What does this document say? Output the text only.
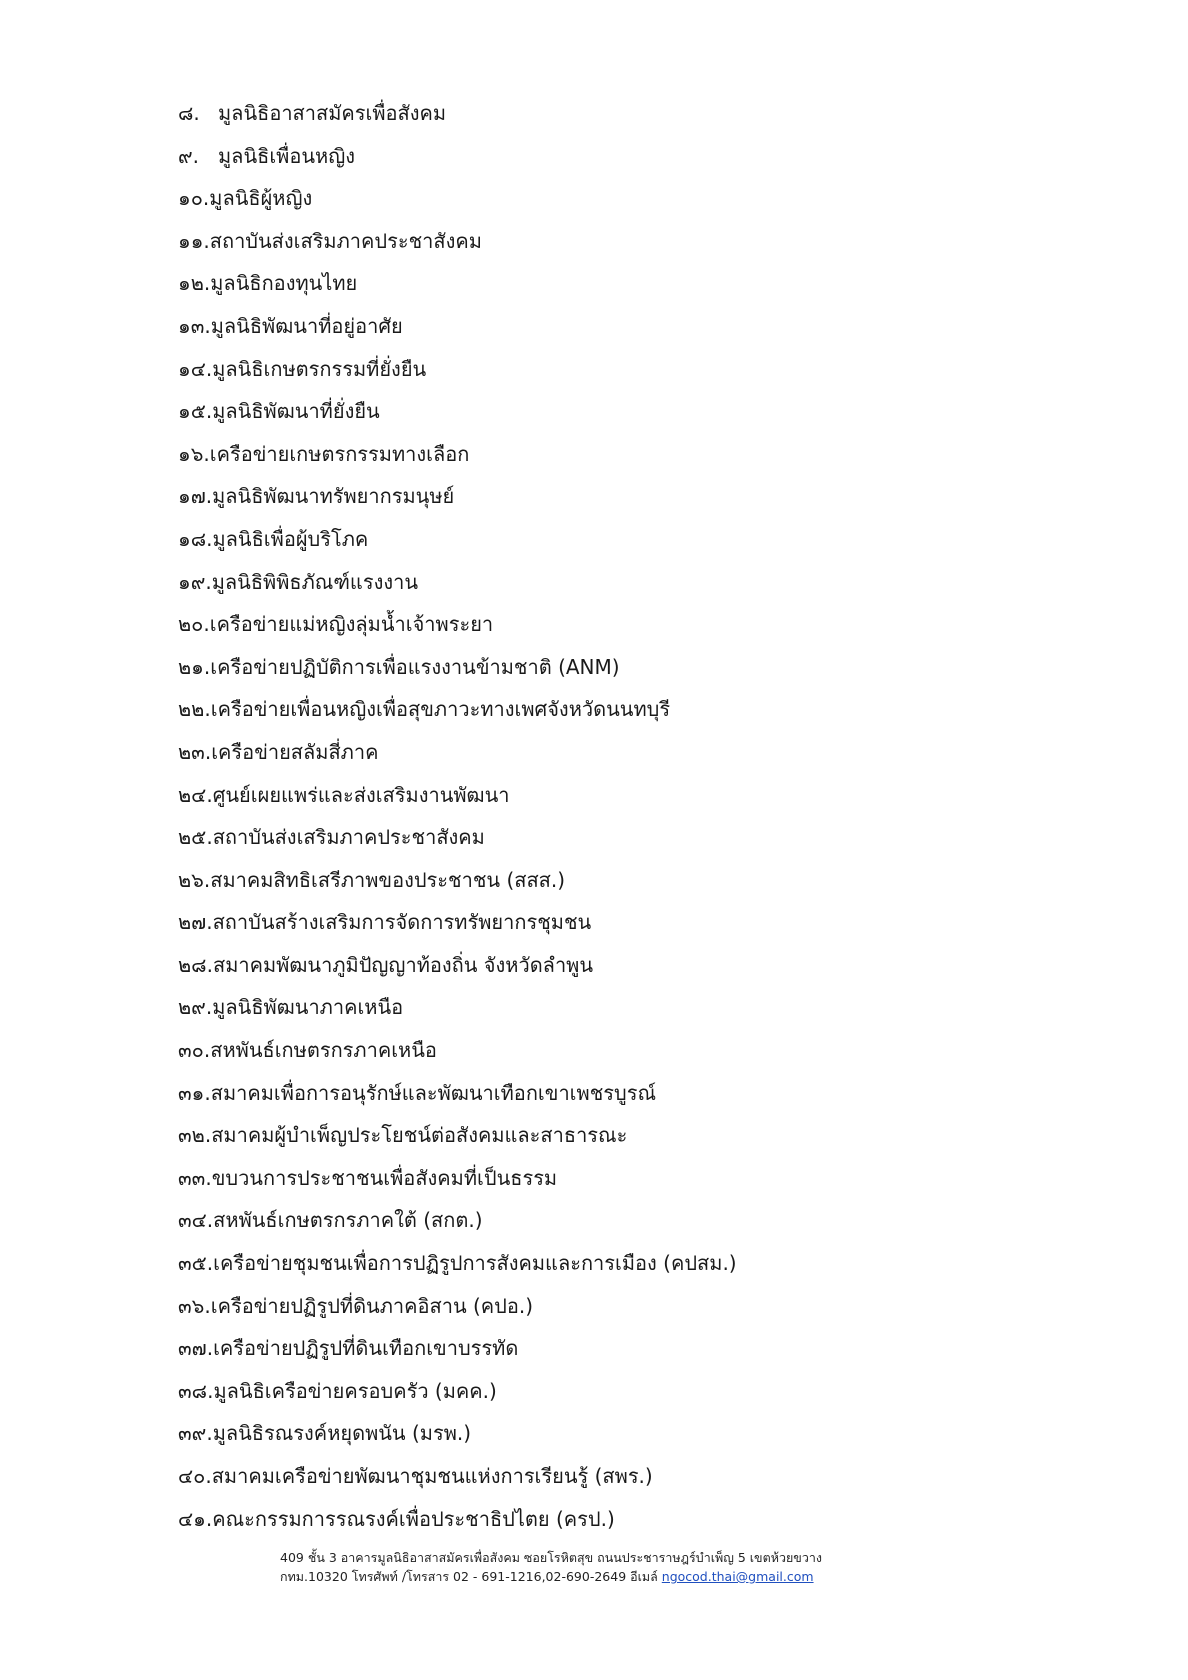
๘. มูลนิธิอาสาสมัครเพื่อสังคม
๙. มูลนิธิเพื่อนหญิง
๑๐.มูลนิธิผู้หญิง
๑๑.สถาบันส่งเสริมภาคประชาสังคม
๑๒.มูลนิธิกองทุนไทย
๑๓.มูลนิธิพัฒนาที่อยู่อาศัย
๑๔.มูลนิธิเกษตรกรรมที่ยั่งยืน
๑๕.มูลนิธิพัฒนาที่ยั่งยืน
๑๖.เครือข่ายเกษตรกรรมทางเลือก
๑๗.มูลนิธิพัฒนาทรัพยากรมนุษย์
๑๘.มูลนิธิเพื่อผู้บริโภค
๑๙.มูลนิธิพิพิธภัณฑ์แรงงาน
๒๐.เครือข่ายแม่หญิงลุ่มน้ำเจ้าพระยา
๒๑.เครือข่ายปฏิบัติการเพื่อแรงงานข้ามชาติ (ANM)
๒๒.เครือข่ายเพื่อนหญิงเพื่อสุขภาวะทางเพศจังหวัดนนทบุรี
๒๓.เครือข่ายสลัมสี่ภาค
๒๔.ศูนย์เผยแพร่และส่งเสริมงานพัฒนา
๒๕.สถาบันส่งเสริมภาคประชาสังคม
๒๖.สมาคมสิทธิเสรีภาพของประชาชน (สสส.)
๒๗.สถาบันสร้างเสริมการจัดการทรัพยากรชุมชน
๒๘.สมาคมพัฒนาภูมิปัญญาท้องถิ่น จังหวัดลำพูน
๒๙.มูลนิธิพัฒนาภาคเหนือ
๓๐.สหพันธ์เกษตรกรภาคเหนือ
๓๑.สมาคมเพื่อการอนุรักษ์และพัฒนาเทือกเขาเพชรบูรณ์
๓๒.สมาคมผู้บำเพ็ญประโยชน์ต่อสังคมและสาธารณะ
๓๓.ขบวนการประชาชนเพื่อสังคมที่เป็นธรรม
๓๔.สหพันธ์เกษตรกรภาคใต้ (สกต.)
๓๕.เครือข่ายชุมชนเพื่อการปฏิรูปการสังคมและการเมือง (คปสม.)
๓๖.เครือข่ายปฏิรูปที่ดินภาคอิสาน (คปอ.)
๓๗.เครือข่ายปฏิรูปที่ดินเทือกเขาบรรทัด
๓๘.มูลนิธิเครือข่ายครอบครัว (มคค.)
๓๙.มูลนิธิรณรงค์หยุดพนัน (มรพ.)
๔๐.สมาคมเครือข่ายพัฒนาชุมชนแห่งการเรียนรู้ (สพร.)
๔๑.คณะกรรมการรณรงค์เพื่อประชาธิปไตย (ครป.)
409 ชั้น 3 อาคารมูลนิธิอาสาสมัครเพื่อสังคม ซอยโรหิตสุข ถนนประชาราษฎร์บำเพ็ญ 5 เขตห้วยขวาง
กทม.10320 โทรศัพท์ /โทรสาร 02 - 691-1216,02-690-2649 อีเมล์ ngocod.thai@gmail.com
